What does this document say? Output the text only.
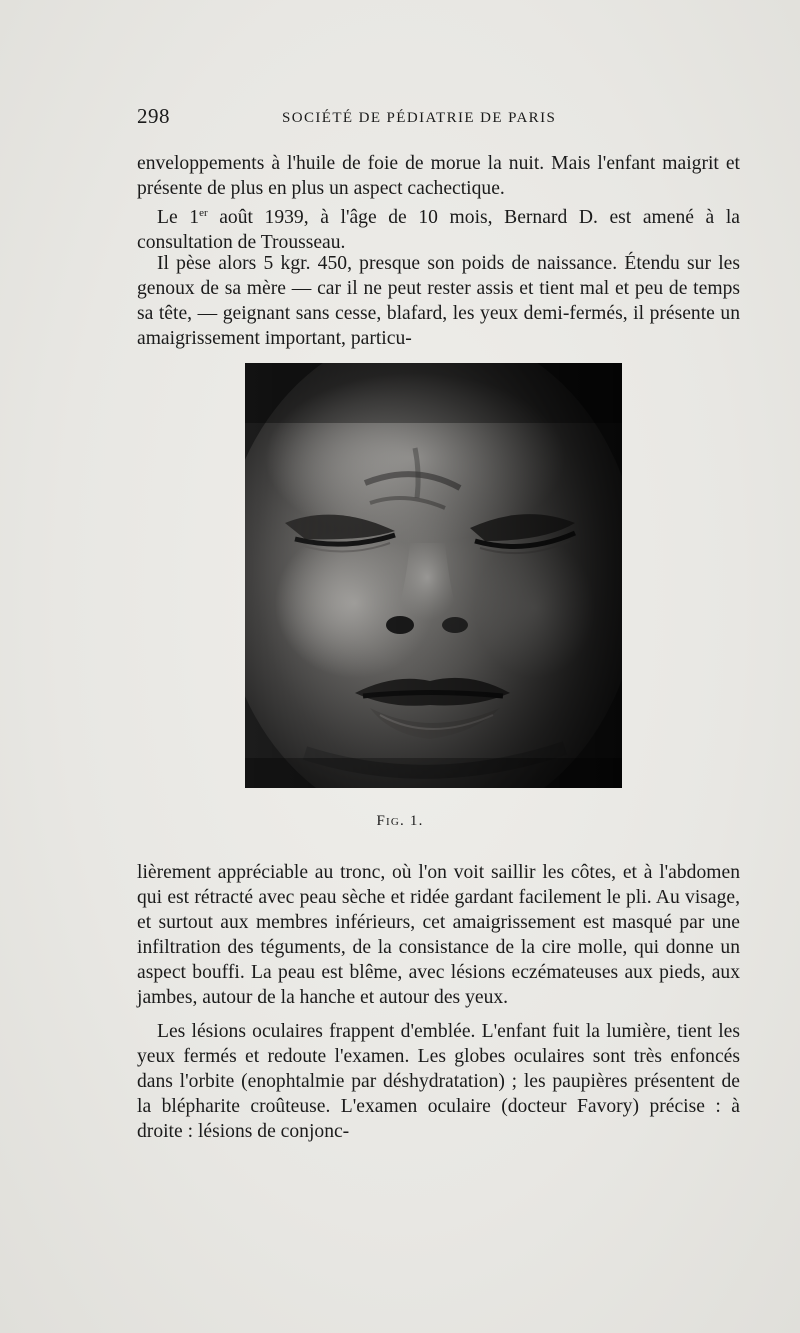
298	SOCIÉTÉ DE PÉDIATRIE DE PARIS

enveloppements à l'huile de foie de morue la nuit. Mais l'enfant maigrit et présente de plus en plus un aspect cachectique.

Le 1er août 1939, à l'âge de 10 mois, Bernard D. est amené à la consultation de Trousseau.

Il pèse alors 5 kgr. 450, presque son poids de naissance. Étendu sur les genoux de sa mère — car il ne peut rester assis et tient mal et peu de temps sa tête, — geignant sans cesse, blafard, les yeux demi-fermés, il présente un amaigrissement important, particu-

Fig. 1.

lièrement appréciable au tronc, où l'on voit saillir les côtes, et à l'abdomen qui est rétracté avec peau sèche et ridée gardant facilement le pli. Au visage, et surtout aux membres inférieurs, cet amaigrissement est masqué par une infiltration des téguments, de la consistance de la cire molle, qui donne un aspect bouffi. La peau est blême, avec lésions eczémateuses aux pieds, aux jambes, autour de la hanche et autour des yeux.

Les lésions oculaires frappent d'emblée. L'enfant fuit la lumière, tient les yeux fermés et redoute l'examen. Les globes oculaires sont très enfoncés dans l'orbite (enophtalmie par déshydratation) ; les paupières présentent de la blépharite croûteuse. L'examen oculaire (docteur Favory) précise : à droite : lésions de conjonc-
